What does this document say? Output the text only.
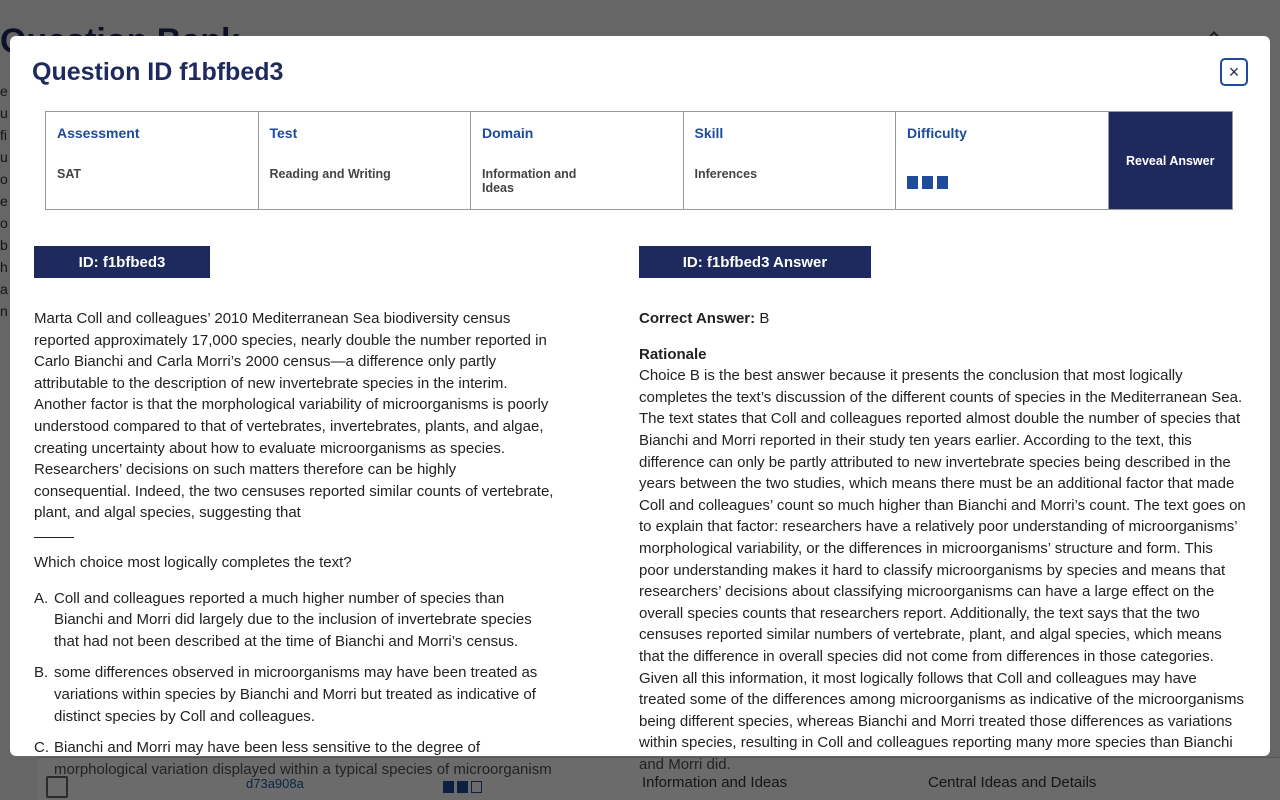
Question ID f1bfbed3	×
Assessment
SAT
Test
Reading and Writing
Domain
Information and Ideas
Skill
Inferences
Difficulty
Reveal Answer
ID: f1bfbed3	ID: f1bfbed3 Answer

Marta Coll and colleagues’ 2010 Mediterranean Sea biodiversity census reported approximately 17,000 species, nearly double the number reported in Carlo Bianchi and Carla Morri’s 2000 census—a difference only partly attributable to the description of new invertebrate species in the interim. Another factor is that the morphological variability of microorganisms is poorly understood compared to that of vertebrates, invertebrates, plants, and algae, creating uncertainty about how to evaluate microorganisms as species. Researchers’ decisions on such matters therefore can be highly consequential. Indeed, the two censuses reported similar counts of vertebrate, plant, and algal species, suggesting that

Which choice most logically completes the text?

A. Coll and colleagues reported a much higher number of species than Bianchi and Morri did largely due to the inclusion of invertebrate species that had not been described at the time of Bianchi and Morri’s census.
B. some differences observed in microorganisms may have been treated as variations within species by Bianchi and Morri but treated as indicative of distinct species by Coll and colleagues.
C. Bianchi and Morri may have been less sensitive to the degree of morphological variation displayed within a typical species of microorganism

Correct Answer: B

Rationale

Choice B is the best answer because it presents the conclusion that most logically completes the text’s discussion of the different counts of species in the Mediterranean Sea. The text states that Coll and colleagues reported almost double the number of species that Bianchi and Morri reported in their study ten years earlier. According to the text, this difference can only be partly attributed to new invertebrate species being described in the years between the two studies, which means there must be an additional factor that made Coll and colleagues’ count so much higher than Bianchi and Morri’s count. The text goes on to explain that factor: researchers have a relatively poor understanding of microorganisms’ morphological variability, or the differences in microorganisms’ structure and form. This poor understanding makes it hard to classify microorganisms by species and means that researchers’ decisions about classifying microorganisms can have a large effect on the overall species counts that researchers report. Additionally, the text says that the two censuses reported similar numbers of vertebrate, plant, and algal species, which means that the difference in overall species did not come from differences in those categories. Given all this information, it most logically follows that Coll and colleagues may have treated some of the differences among microorganisms as indicative of the microorganisms being different species, whereas Bianchi and Morri treated those differences as variations within species, resulting in Coll and colleagues reporting many more species than Bianchi and Morri did.
